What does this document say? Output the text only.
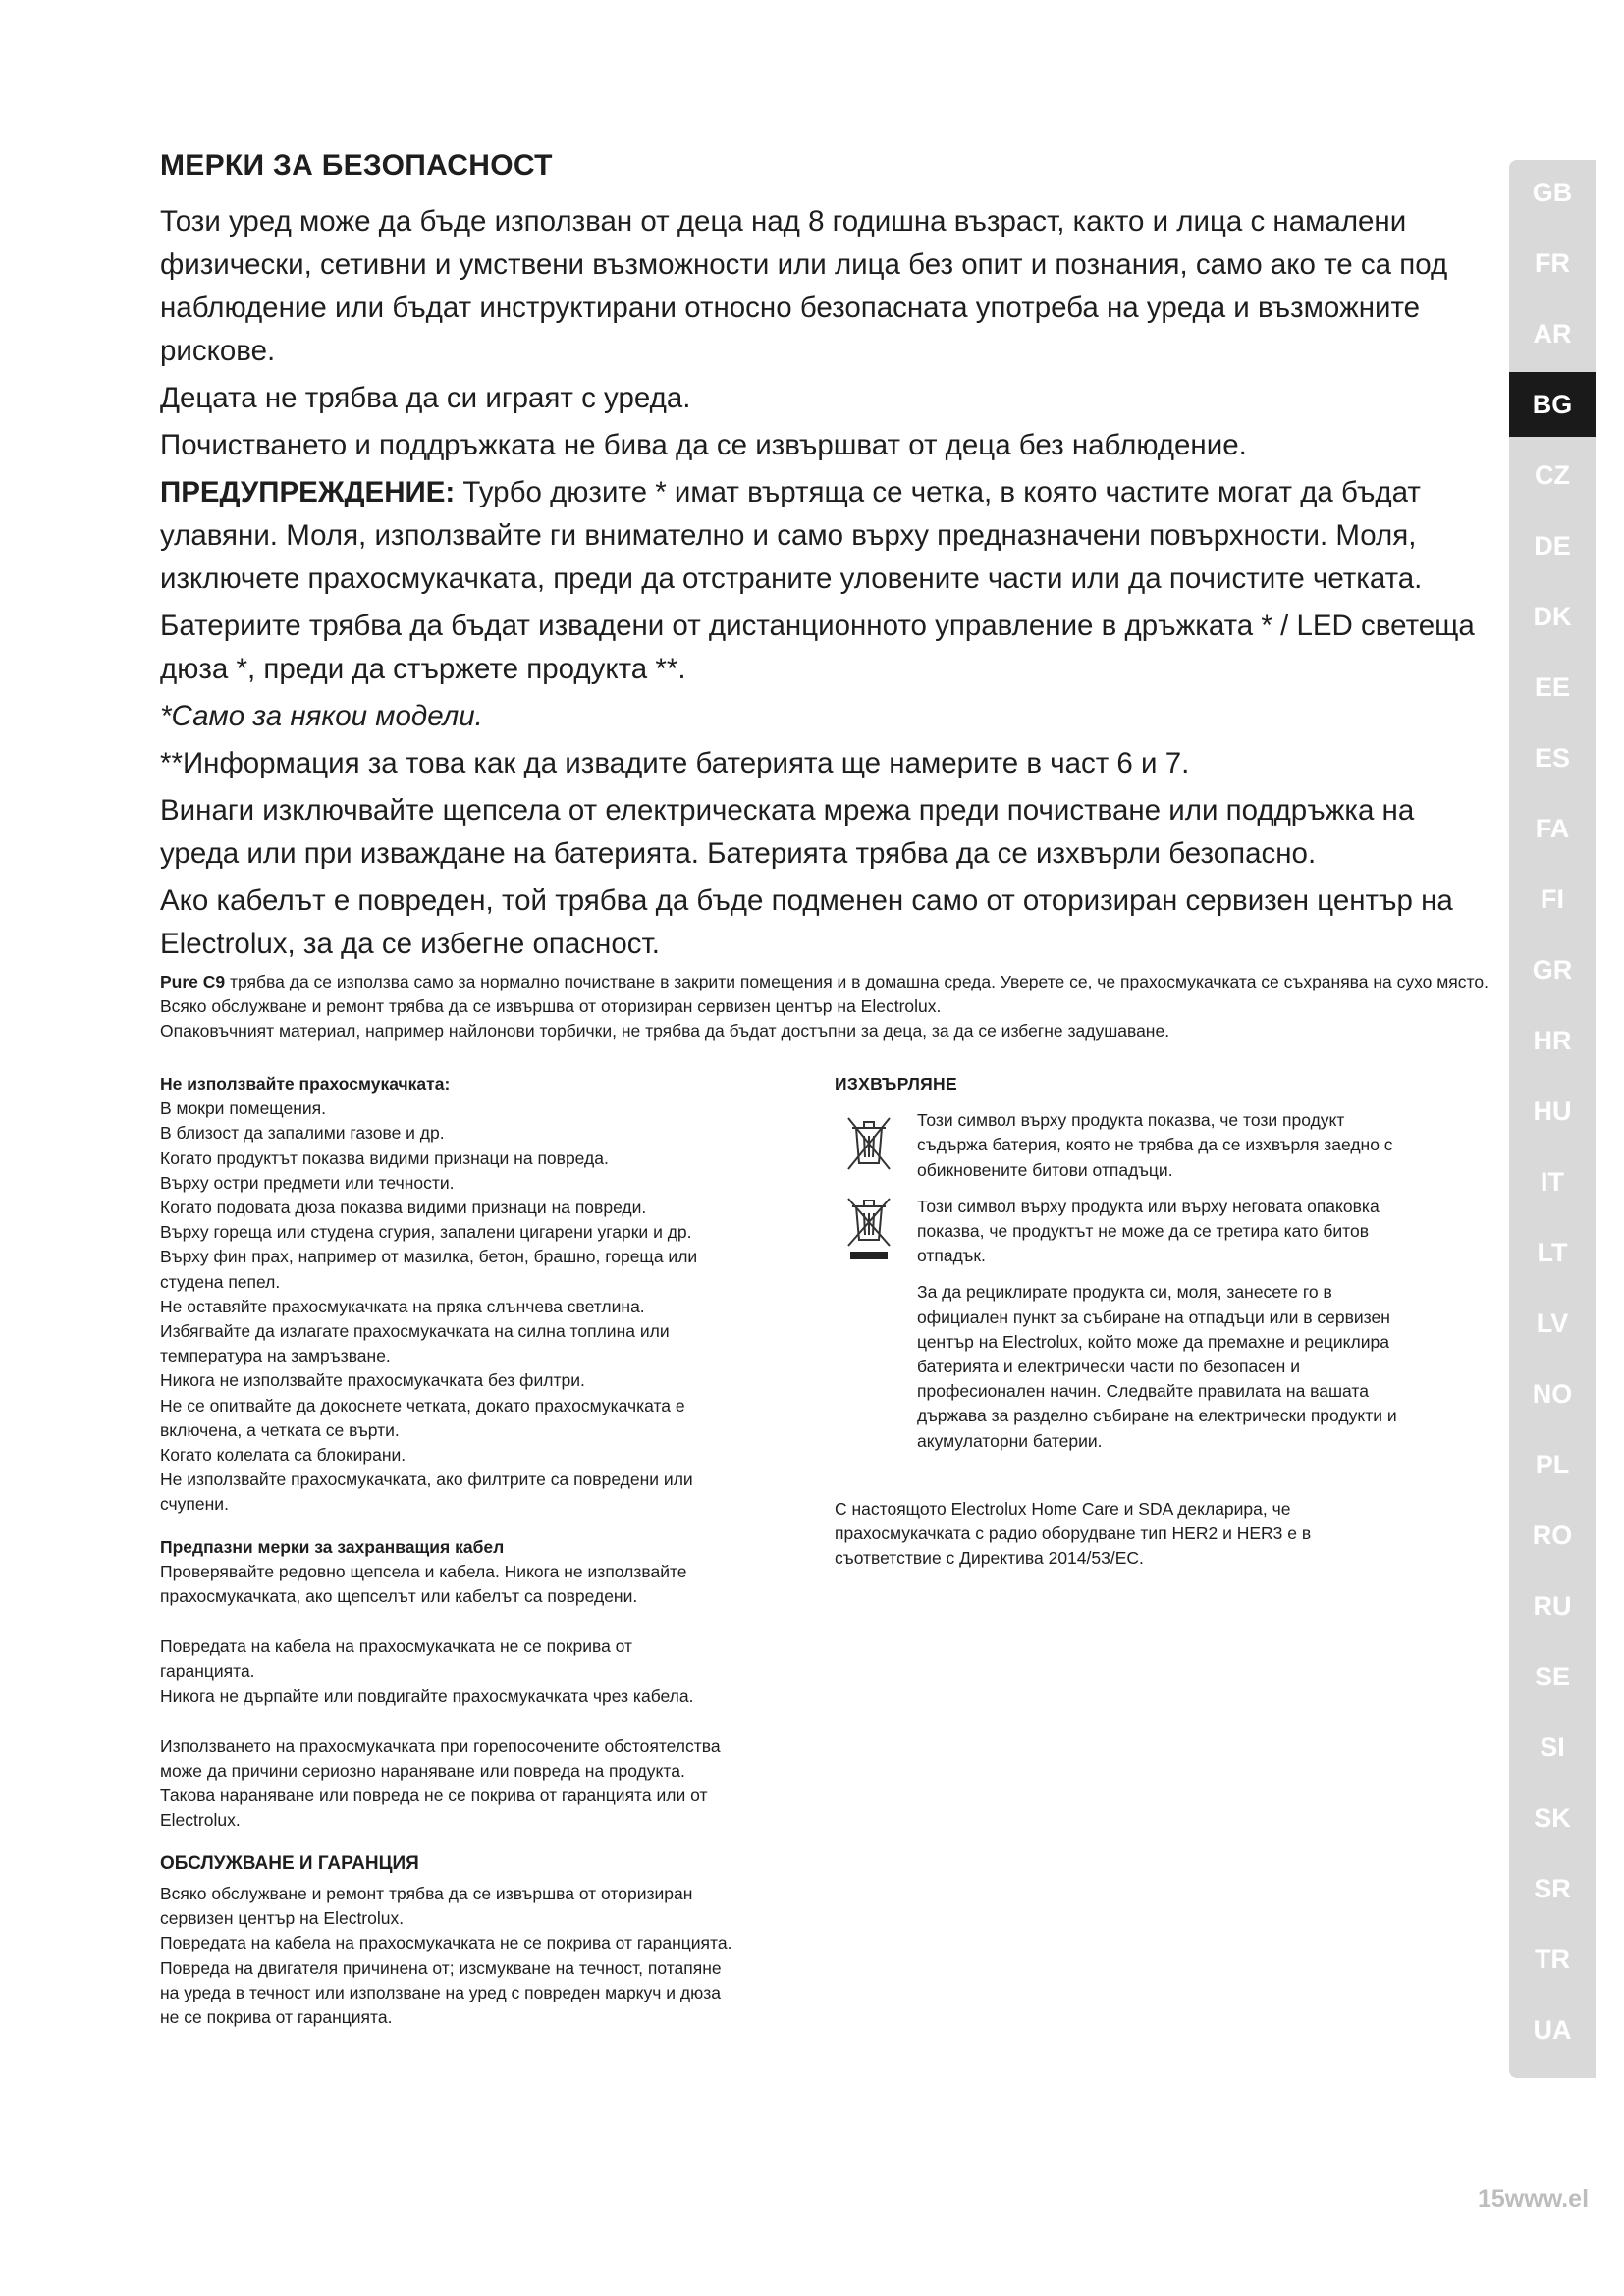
МЕРКИ ЗА БЕЗОПАСНОСТ

Този уред може да бъде използван от деца над 8 годишна възраст, както и лица с намалени физически, сетивни и умствени възможности или лица без опит и познания, само ако те са под наблюдение или бъдат инструктирани относно безопасната употреба на уреда и възможните рискове.

Децата не трябва да си играят с уреда.

Почистването и поддръжката не бива да се извършват от деца без наблюдение.

ПРЕДУПРЕЖДЕНИЕ: Турбо дюзите * имат въртяща се четка, в която частите могат да бъдат улавяни. Моля, използвайте ги внимателно и само върху предназначени повърхности. Моля, изключете прахосмукачката, преди да отстраните уловените части или да почистите четката.

Батериите трябва да бъдат извадени от дистанционното управление в дръжката * / LED светеща дюза *, преди да стържете продукта **.

*Само за някои модели.

**Информация за това как да извадите батерията ще намерите в част 6 и 7.

Винаги изключвайте щепсела от електрическата мрежа преди почистване или поддръжка на уреда или при изваждане на батерията. Батерията трябва да се изхвърли безопасно.

Ако кабелът е повреден, той трябва да бъде подменен само от оторизиран сервизен център на Electrolux, за да се избегне опасност.

Pure C9 трябва да се използва само за нормално почистване в закрити помещения и в домашна среда. Уверете се, че прахосмукачката се съхранява на сухо място.

Всяко обслужване и ремонт трябва да се извършва от оторизиран сервизен център на Electrolux.

Опаковъчният материал, например найлонови торбички, не трябва да бъдат достъпни за деца, за да се избегне задушаване.

Не използвайте прахосмукачката:

В мокри помещения.

В близост да запалими газове и др.

Когато продуктът показва видими признаци на повреда.

Върху остри предмети или течности.

Когато подовата дюза показва видими признаци на повреди.

Върху гореща или студена сгурия, запалени цигарени угарки и др.

Върху фин прах, например от мазилка, бетон, брашно, гореща или

студена пепел.

Не оставяйте прахосмукачката на пряка слънчева светлина.

Избягвайте да излагате прахосмукачката на силна топлина или

температура на замръзване.

Никога не използвайте прахосмукачката без филтри.

Не се опитвайте да докоснете четката, докато прахосмукачката е

включена, а четката се върти.

Когато колелата са блокирани.

Не използвайте прахосмукачката, ако филтрите са повредени или

счупени.

Предпазни мерки за захранващия кабел

Проверявайте редовно щепсела и кабела. Никога не използвайте

прахосмукачката, ако щепселът или кабелът са повредени.

Повредата на кабела на прахосмукачката не се покрива от

гаранцията.

Никога не дърпайте или повдигайте прахосмукачката чрез кабела.

Използването на прахосмукачката при горепосочените обстоятелства

може да причини сериозно нараняване или повреда на продукта.

Такова нараняване или повреда не се покрива от гаранцията или от

Electrolux.

ОБСЛУЖВАНЕ И ГАРАНЦИЯ

Всяко обслужване и ремонт трябва да се извършва от оторизиран

сервизен център на Electrolux.

Повредата на кабела на прахосмукачката не се покрива от гаранцията.

Повреда на двигателя причинена от; изсмукване на течност, потапяне

на уреда в течност или използване на уред с повреден маркуч и дюза

не се покрива от гаранцията.

ИЗХВЪРЛЯНЕ

Този символ върху продукта показва, че този продукт

съдържа батерия, която не трябва да се изхвърля заедно с

обикновените битови отпадъци.

Този символ върху продукта или върху неговата опаковка

показва, че продуктът не може да се третира като битов

отпадък.

За да рециклирате продукта си, моля, занесете го в

официален пункт за събиране на отпадъци или в сервизен

център на Electrolux, който може да премахне и рециклира

батерията и електрически части по безопасен и

професионален начин. Следвайте правилата на вашата

държава за разделно събиране на електрически продукти и

акумулаторни батерии.

С настоящото Electrolux Home Care и SDA декларира, че

прахосмукачката с радио оборудване тип HER2 и HER3 е в

съответствие с Директива 2014/53/ЕС.

GB
FR
AR
BG
CZ
DE
DK
EE
ES
FA
FI
GR
HR
HU
IT
LT
LV
NO
PL
RO
RU
SE
SI
SK
SR
TR
UA
15www.el
